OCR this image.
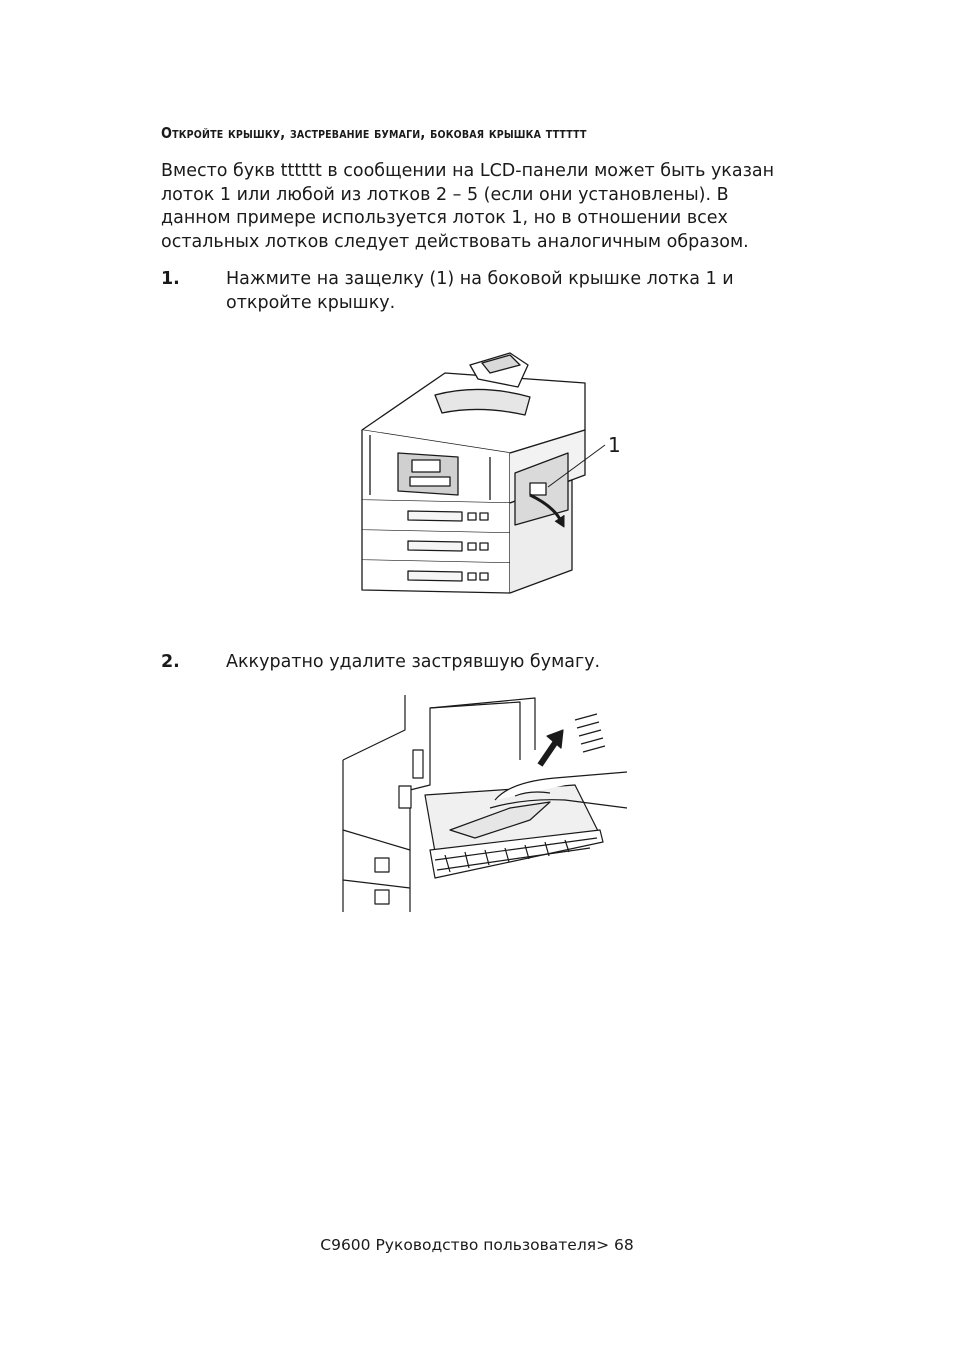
Откройте крышку, застревание бумаги, боковая крышка tttttt
Вместо букв tttttt в сообщении на LCD-панели может быть указан
лоток 1 или любой из лотков 2 – 5 (если они установлены). В
данном примере используется лоток 1, но в отношении всех
остальных лотков следует действовать аналогичным образом.
1.	Нажмите на защелку (1) на боковой крышке лотка 1 и
откройте крышку.
1
2.	Аккуратно удалите застрявшую бумагу.
C9600 Руководство пользователя> 68
